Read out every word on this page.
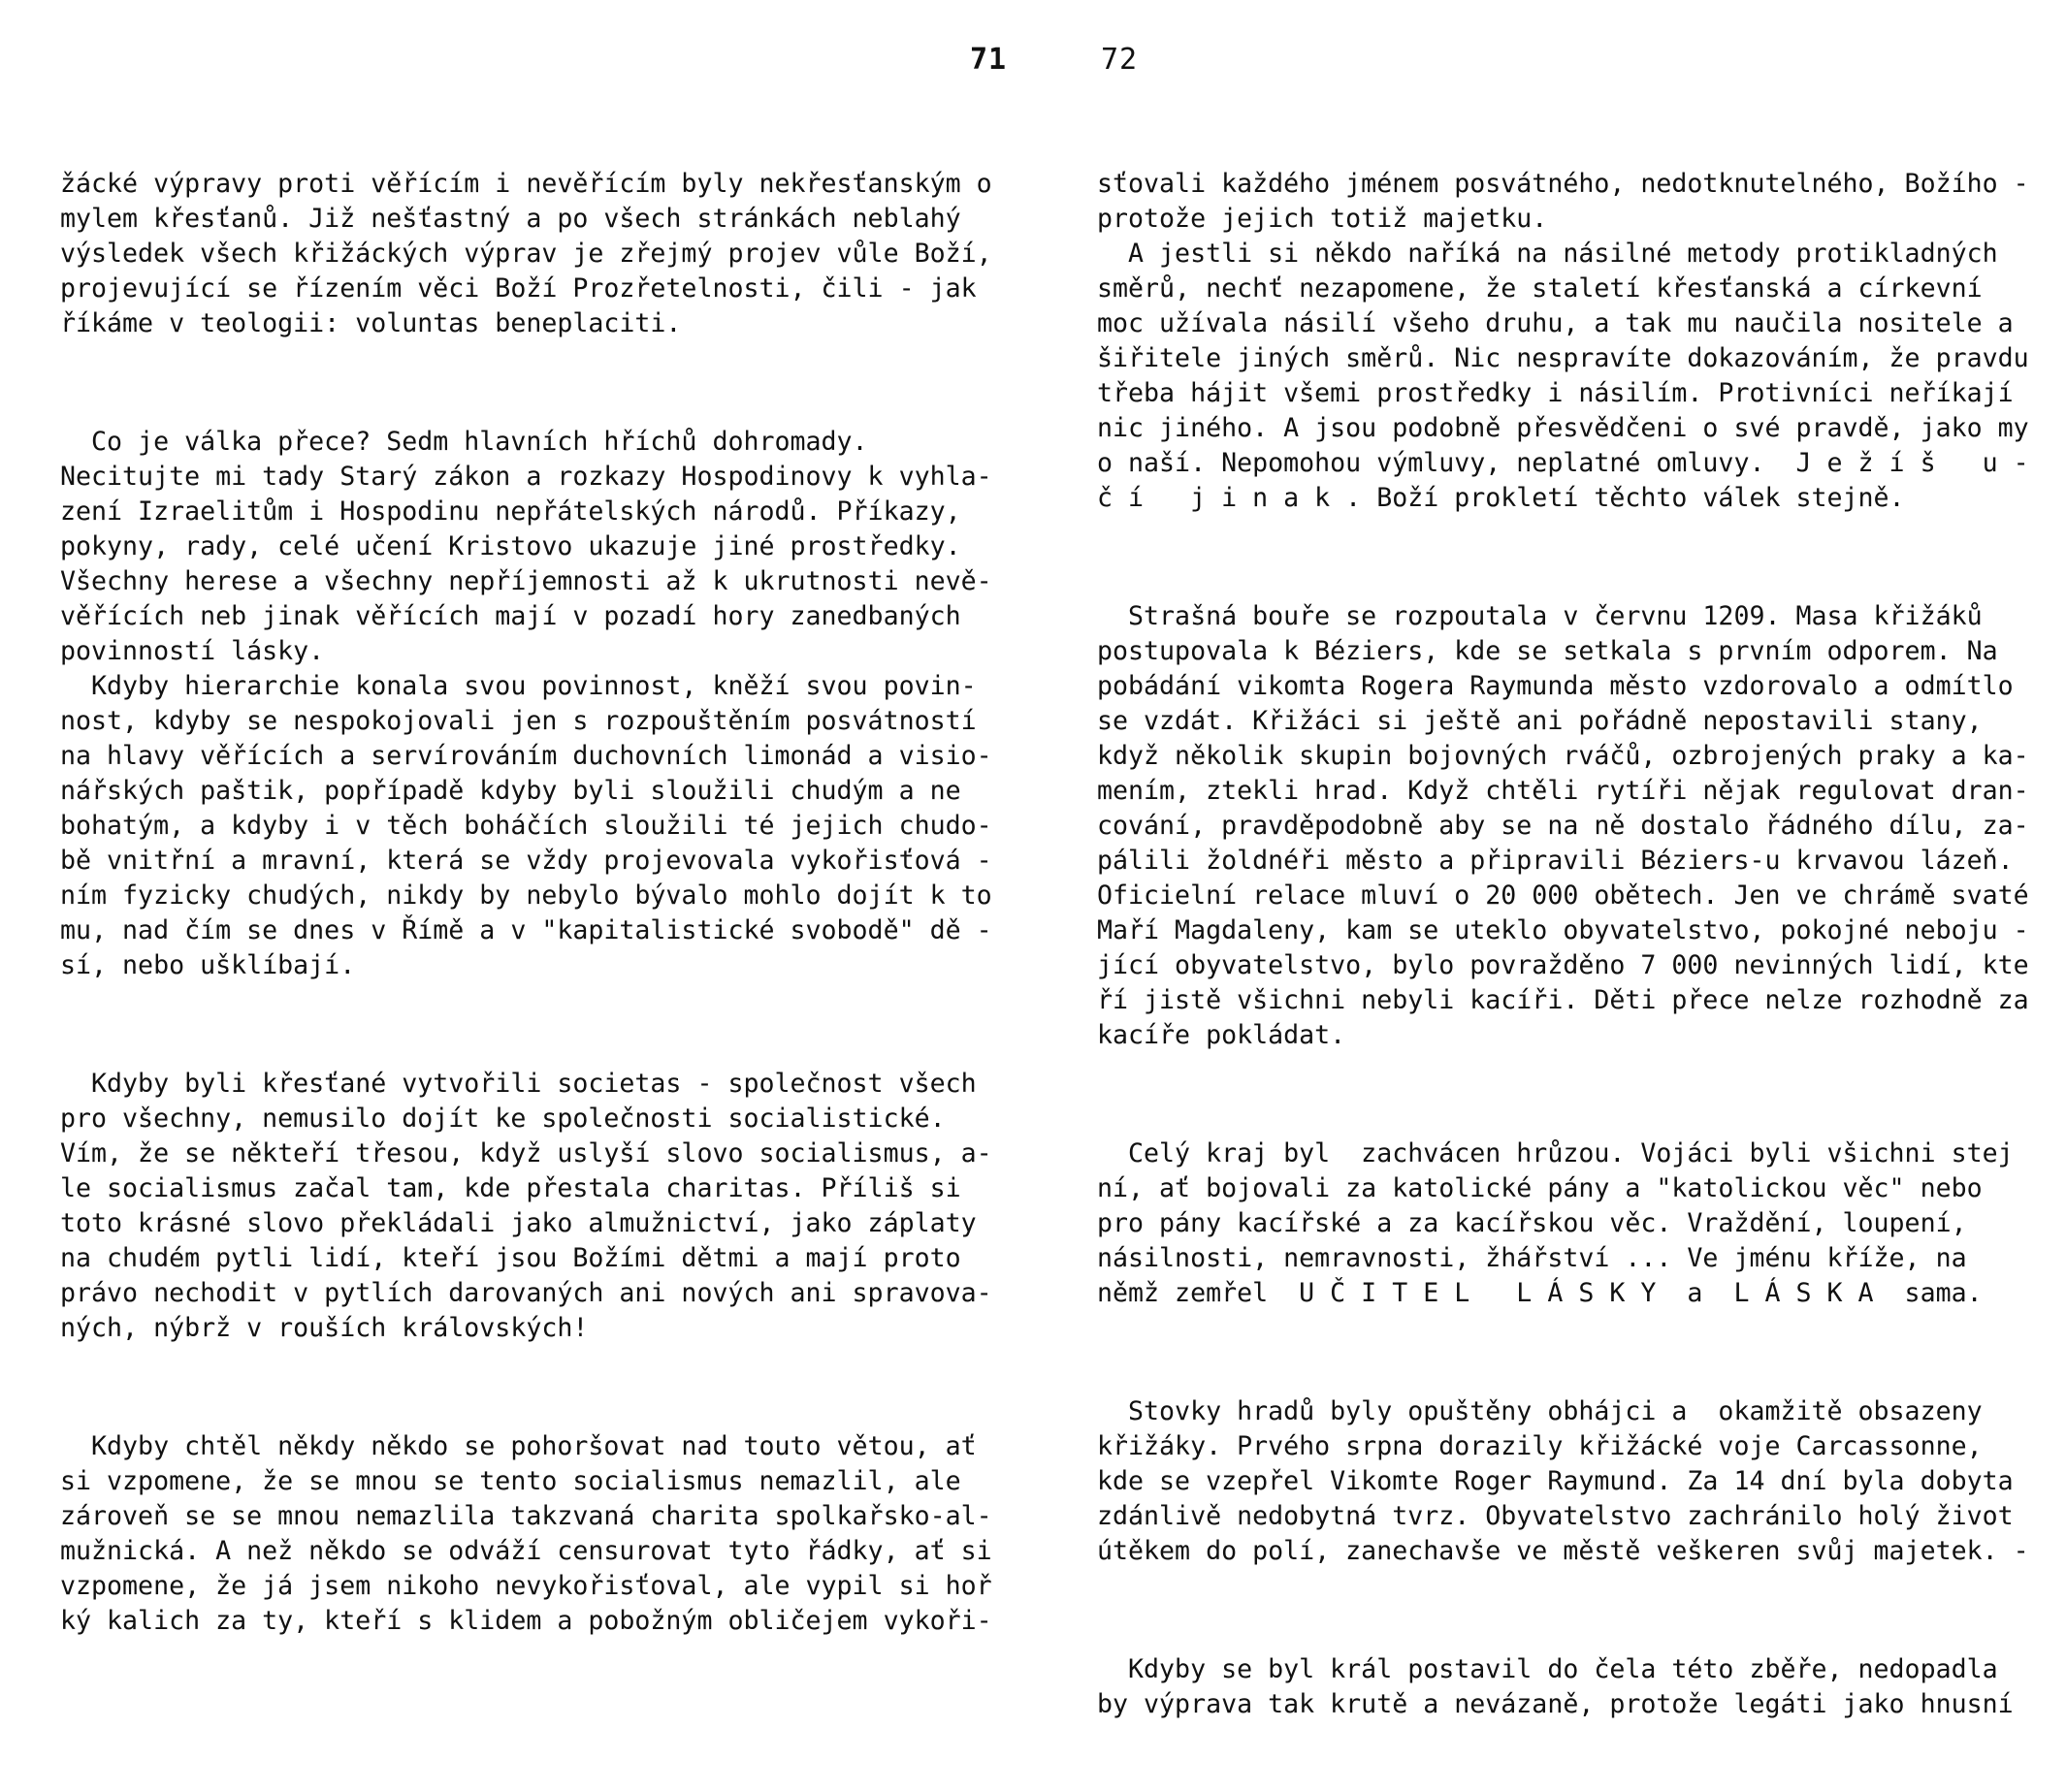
71

žácké výpravy proti věřícím i nevěřícím byly nekřesťanským o
mylem křesťanů. Již nešťastný a po všech stránkách neblahý
výsledek všech křižáckých výprav je zřejmý projev vůle Boží,
projevující se řízením věci Boží Prozřetelnosti, čili - jak
říkáme v teologii: voluntas beneplaciti.

Co je válka přece? Sedm hlavních hříchů dohromady.
Necitujte mi tady Starý zákon a rozkazy Hospodinovy k vyhla-
zení Izraelitům i Hospodinu nepřátelských národů. Příkazy,
pokyny, rady, celé učení Kristovo ukazuje jiné prostředky.
Všechny herese a všechny nepříjemnosti až k ukrutnosti nevě-
věřících neb jinak věřících mají v pozadí hory zanedbaných
povinností lásky.
Kdyby hierarchie konala svou povinnost, kněží svou povin-
nost, kdyby se nespokojovali jen s rozpouštěním posvátností
na hlavy věřících a servírováním duchovních limonád a visio-
nářských paštik, popřípadě kdyby byli sloužili chudým a ne
bohatým, a kdyby i v těch boháčích sloužili té jejich chudo-
bě vnitřní a mravní, která se vždy projevovala vykořisťová -
ním fyzicky chudých, nikdy by nebylo bývalo mohlo dojít k to
mu, nad čím se dnes v Římě a v "kapitalistické svobodě" dě -
sí, nebo ušklíbají.

Kdyby byli křesťané vytvořili societas - společnost všech
pro všechny, nemusilo dojít ke společnosti socialistické.
Vím, že se někteří třesou, když uslyší slovo socialismus, a-
le socialismus začal tam, kde přestala charitas. Příliš si
toto krásné slovo překládali jako almužnictví, jako záplaty
na chudém pytli lidí, kteří jsou Božími dětmi a mají proto
právo nechodit v pytlích darovaných ani nových ani spravova-
ných, nýbrž v rouších královských!

Kdyby chtěl někdy někdo se pohoršovat nad touto větou, ať
si vzpomene, že se mnou se tento socialismus nemazlil, ale
zároveň se se mnou nemazlila takzvaná charita spolkařsko-al-
mužnická. A než někdo se odváží censurovat tyto řádky, ať si
vzpomene, že já jsem nikoho nevykořisťoval, ale vypil si hoř
ký kalich za ty, kteří s klidem a pobožným obličejem vykoři-

72

sťovali každého jménem posvátného, nedotknutelného, Božího -
protože jejich totiž majetku.
A jestli si někdo naříká na násilné metody protikladných
směrů, nechť nezapomene, že staletí křesťanská a církevní
moc užívala násilí všeho druhu, a tak mu naučila nositele a
šiřitele jiných směrů. Nic nespravíte dokazováním, že pravdu
třeba hájit všemi prostředky i násilím. Protivníci neříkají
nic jiného. A jsou podobně přesvědčeni o své pravdě, jako my
o naší. Nepomohou výmluvy, neplatné omluvy.  J e ž í š   u -
č í   j i n a k . Boží prokletí těchto válek stejně.

Strašná bouře se rozpoutala v červnu 1209. Masa křižáků
postupovala k Béziers, kde se setkala s prvním odporem. Na
pobádání vikomta Rogera Raymunda město vzdorovalo a odmítlo
se vzdát. Křižáci si ještě ani pořádně nepostavili stany,
když několik skupin bojovných rváčů, ozbrojených praky a ka-
mením, ztekli hrad. Když chtěli rytíři nějak regulovat dran-
cování, pravděpodobně aby se na ně dostalo řádného dílu, za-
pálili žoldnéři město a připravili Béziers-u krvavou lázeň.
Oficielní relace mluví o 20 000 obětech. Jen ve chrámě svaté
Maří Magdaleny, kam se uteklo obyvatelstvo, pokojné neboju -
jící obyvatelstvo, bylo povražděno 7 000 nevinných lidí, kte
ří jistě všichni nebyli kacíři. Děti přece nelze rozhodně za
kacíře pokládat.

Celý kraj byl  zachvácen hrůzou. Vojáci byli všichni stej
ní, ať bojovali za katolické pány a "katolickou věc" nebo
pro pány kacířské a za kacířskou věc. Vraždění, loupení,
násilnosti, nemravnosti, žhářství ... Ve jménu kříže, na
němž zemřel  U Č I T E L   L Á S K Y  a  L Á S K A  sama.

Stovky hradů byly opuštěny obhájci a  okamžitě obsazeny
křižáky. Prvého srpna dorazily křižácké voje Carcassonne,
kde se vzepřel Vikomte Roger Raymund. Za 14 dní byla dobyta
zdánlivě nedobytná tvrz. Obyvatelstvo zachránilo holý život
útěkem do polí, zanechavše ve městě veškeren svůj majetek. -

Kdyby se byl král postavil do čela této zběře, nedopadla
by výprava tak krutě a nevázaně, protože legáti jako hnusní
